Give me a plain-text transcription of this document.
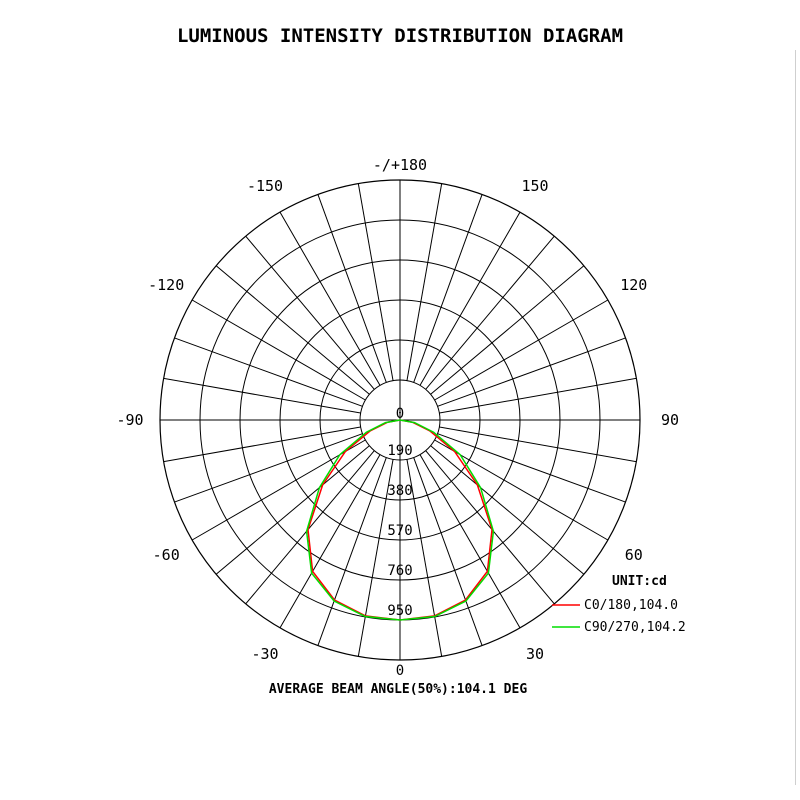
LUMINOUS INTENSITY DISTRIBUTION DIAGRAM
-/+180
-150	150
-120	120
-90	90
-60	60
-30	30
190
380
570
760
950
0
0
UNIT:cd
C0/180,104.0
C90/270,104.2
AVERAGE BEAM ANGLE(50%):104.1 DEG
